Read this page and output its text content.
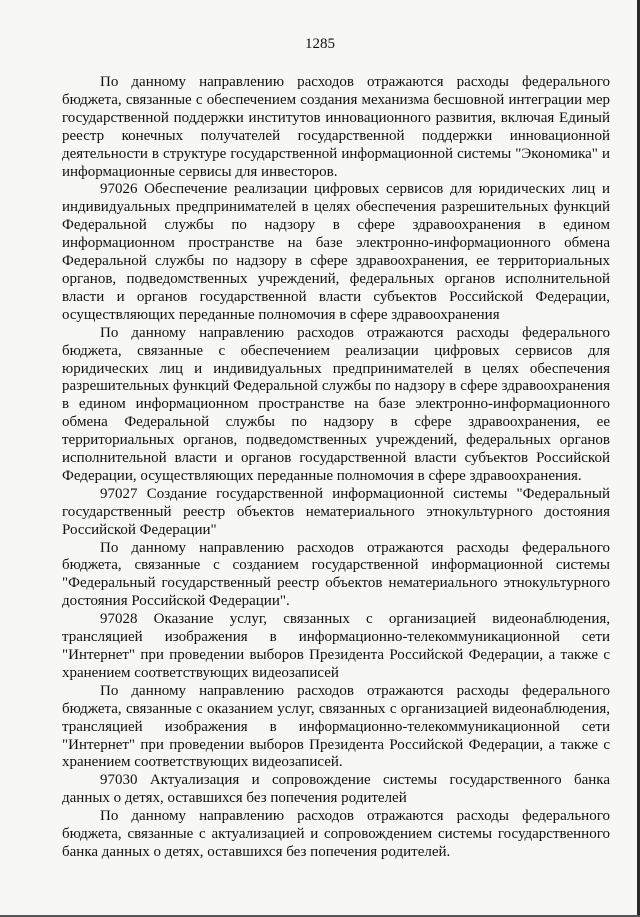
1285

По данному направлению расходов отражаются расходы федерального бюджета, связанные с обеспечением создания механизма бесшовной интеграции мер государственной поддержки институтов инновационного развития, включая Единый реестр конечных получателей государственной поддержки инновационной деятельности в структуре государственной информационной системы "Экономика" и информационные сервисы для инвесторов.

97026 Обеспечение реализации цифровых сервисов для юридических лиц и индивидуальных предпринимателей в целях обеспечения разрешительных функций Федеральной службы по надзору в сфере здравоохранения в едином информационном пространстве на базе электронно-информационного обмена Федеральной службы по надзору в сфере здравоохранения, ее территориальных органов, подведомственных учреждений, федеральных органов исполнительной власти и органов государственной власти субъектов Российской Федерации, осуществляющих переданные полномочия в сфере здравоохранения

По данному направлению расходов отражаются расходы федерального бюджета, связанные с обеспечением реализации цифровых сервисов для юридических лиц и индивидуальных предпринимателей в целях обеспечения разрешительных функций Федеральной службы по надзору в сфере здравоохранения в едином информационном пространстве на базе электронно-информационного обмена Федеральной службы по надзору в сфере здравоохранения, ее территориальных органов, подведомственных учреждений, федеральных органов исполнительной власти и органов государственной власти субъектов Российской Федерации, осуществляющих переданные полномочия в сфере здравоохранения.

97027 Создание государственной информационной системы "Федеральный государственный реестр объектов нематериального этнокультурного достояния Российской Федерации"

По данному направлению расходов отражаются расходы федерального бюджета, связанные с созданием государственной информационной системы "Федеральный государственный реестр объектов нематериального этнокультурного достояния Российской Федерации".

97028 Оказание услуг, связанных с организацией видеонаблюдения, трансляцией изображения в информационно-телекоммуникационной сети "Интернет" при проведении выборов Президента Российской Федерации, а также с хранением соответствующих видеозаписей

По данному направлению расходов отражаются расходы федерального бюджета, связанные с оказанием услуг, связанных с организацией видеонаблюдения, трансляцией изображения в информационно-телекоммуникационной сети "Интернет" при проведении выборов Президента Российской Федерации, а также с хранением соответствующих видеозаписей.

97030 Актуализация и сопровождение системы государственного банка данных о детях, оставшихся без попечения родителей

По данному направлению расходов отражаются расходы федерального бюджета, связанные с актуализацией и сопровождением системы государственного банка данных о детях, оставшихся без попечения родителей.
